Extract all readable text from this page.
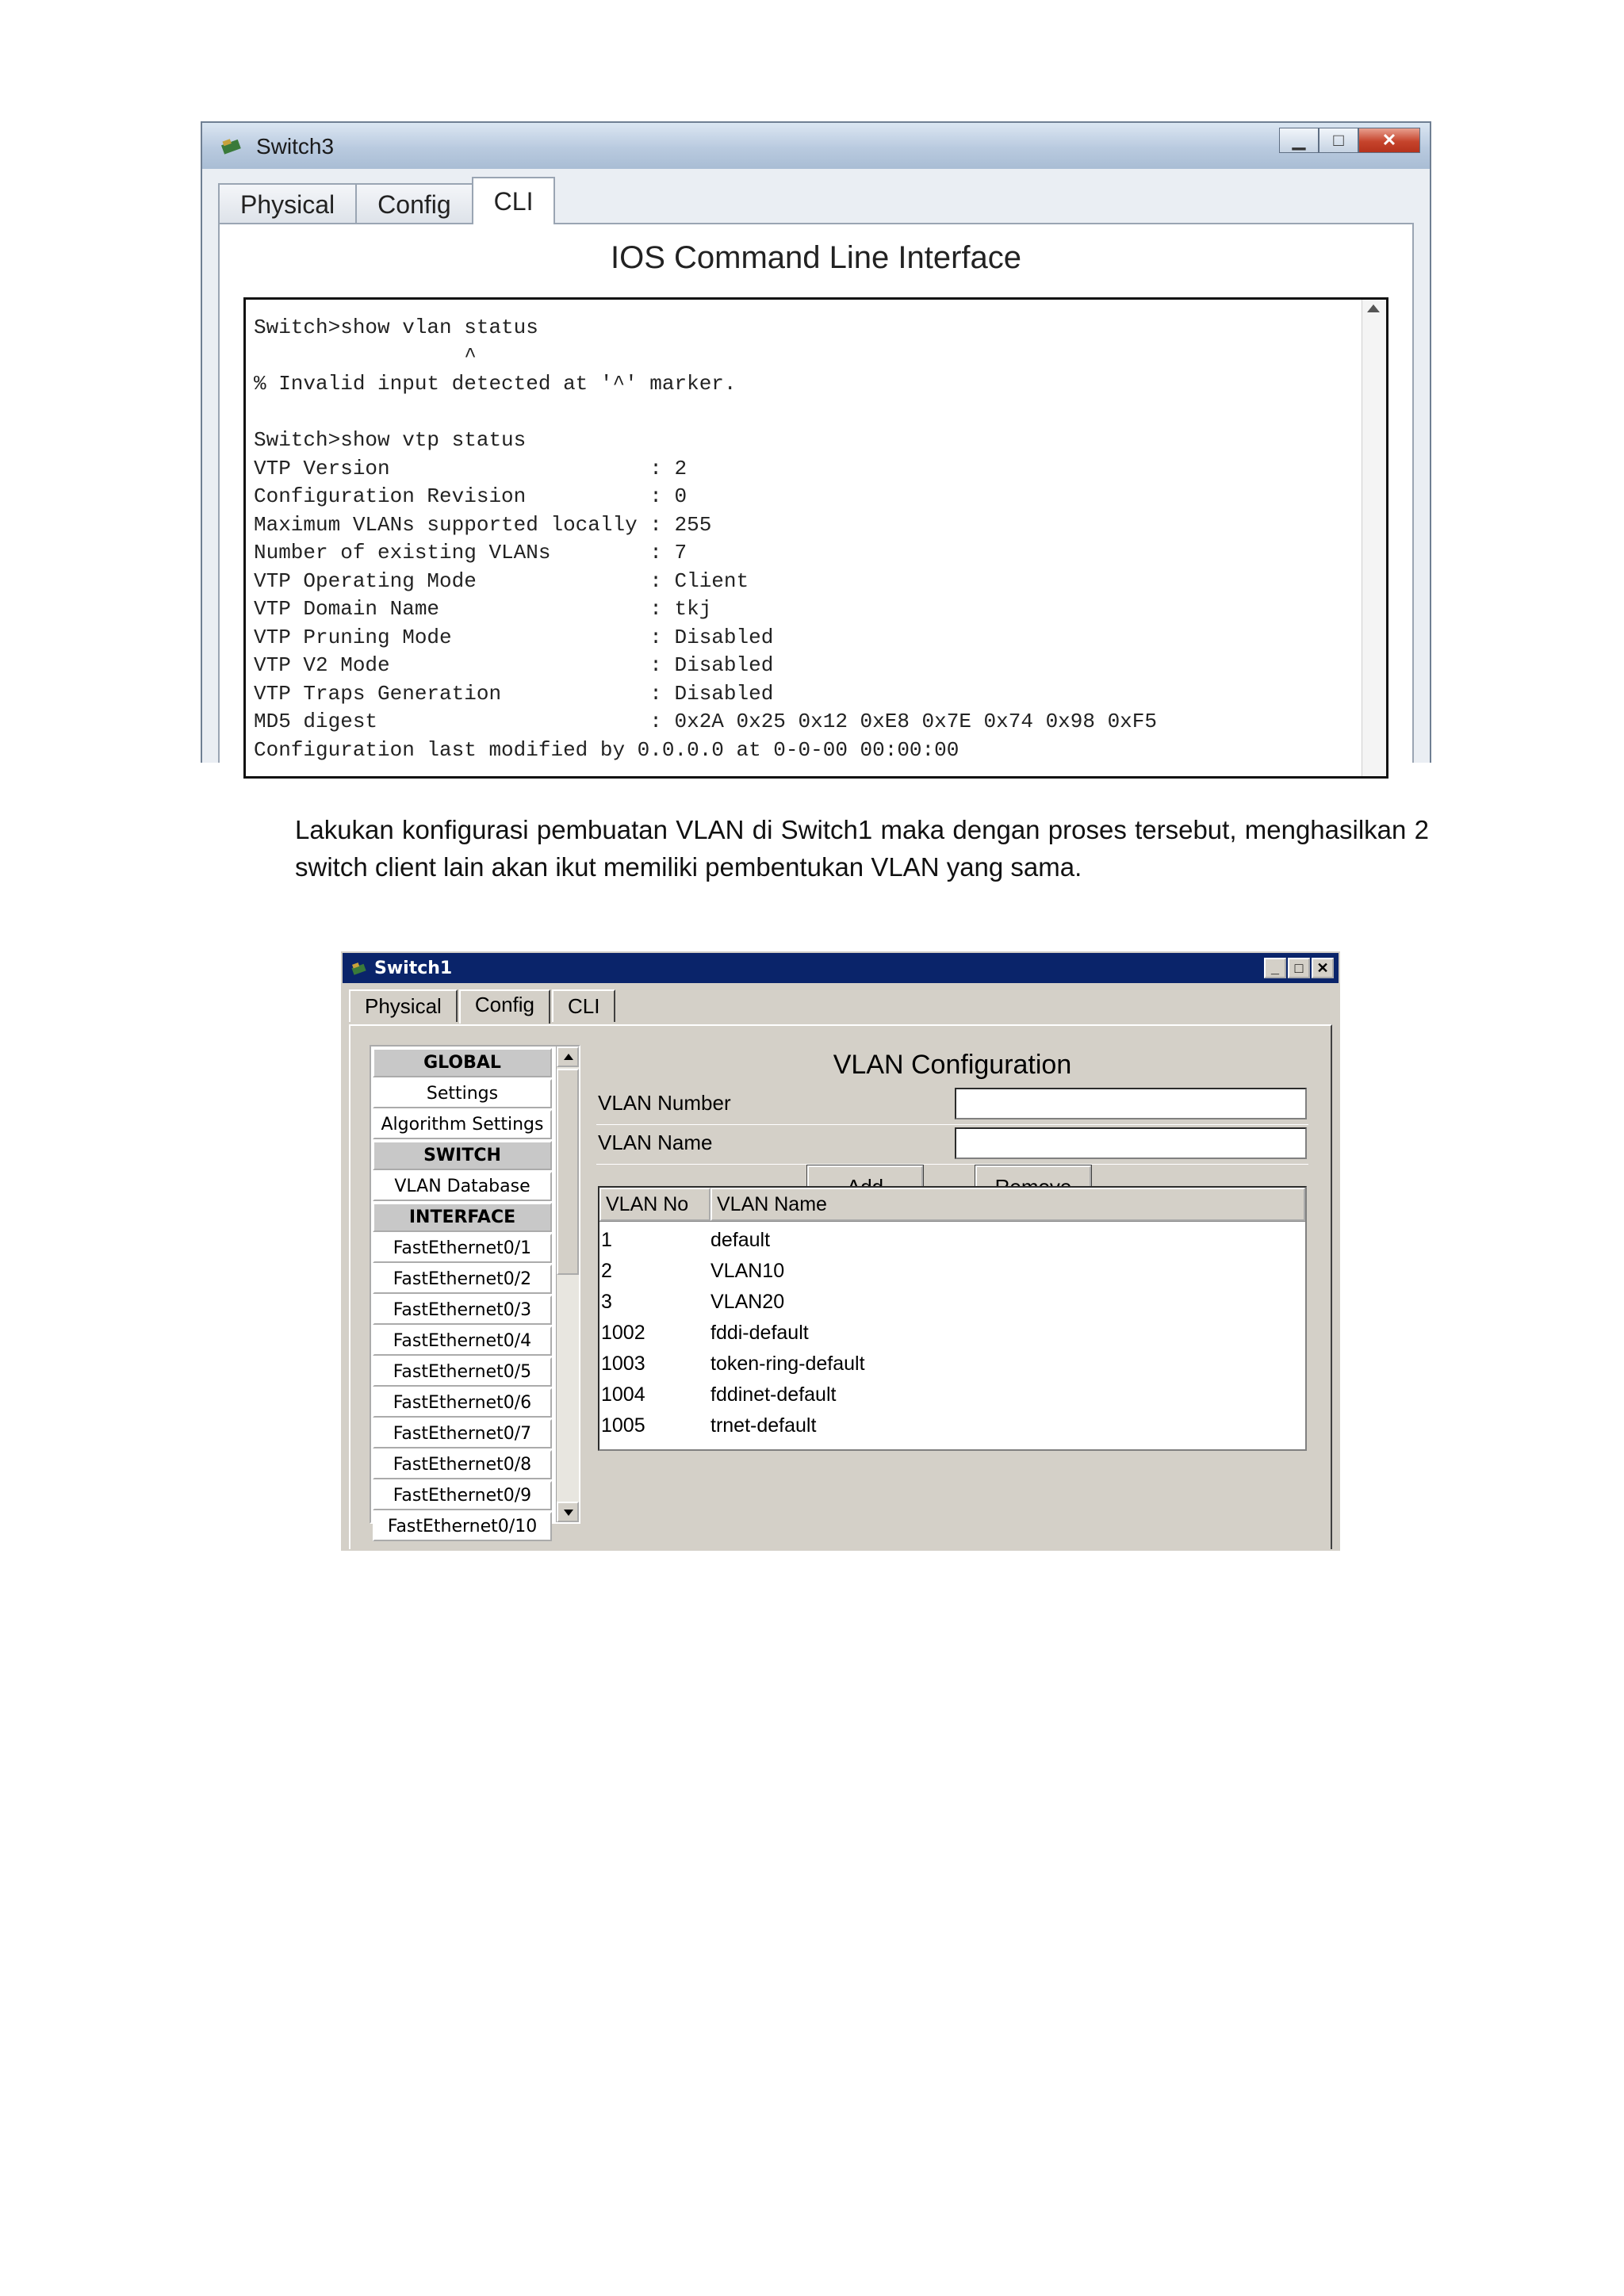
Switch3	▁	□	✕
Physical	Config	CLI
IOS Command Line Interface
Switch>show vlan status
^
% Invalid input detected at '^' marker.

Switch>show vtp status
VTP Version                     : 2
Configuration Revision          : 0
Maximum VLANs supported locally : 255
Number of existing VLANs        : 7
VTP Operating Mode              : Client
VTP Domain Name                 : tkj
VTP Pruning Mode                : Disabled
VTP V2 Mode                     : Disabled
VTP Traps Generation            : Disabled
MD5 digest                      : 0x2A 0x25 0x12 0xE8 0x7E 0x74 0x98 0xF5
Configuration last modified by 0.0.0.0 at 0-0-00 00:00:00

Lakukan konfigurasi pembuatan VLAN di Switch1 maka dengan proses tersebut, menghasilkan 2 switch client lain akan ikut memiliki pembentukan VLAN yang sama.

Switch1	_	□ ✕
Physical	Config	CLI
GLOBAL
Settings
Algorithm Settings
SWITCH
VLAN Database
INTERFACE
FastEthernet0/1
FastEthernet0/2
FastEthernet0/3
FastEthernet0/4
FastEthernet0/5
FastEthernet0/6
FastEthernet0/7
FastEthernet0/8
FastEthernet0/9
FastEthernet0/10
VLAN Configuration
VLAN Number
VLAN Name
VLAN No	VLAN Name
1	default
2	VLAN10
3	VLAN20
1002	fddi-default
1003	token-ring-default
1004	fddinet-default
1005	trnet-default
